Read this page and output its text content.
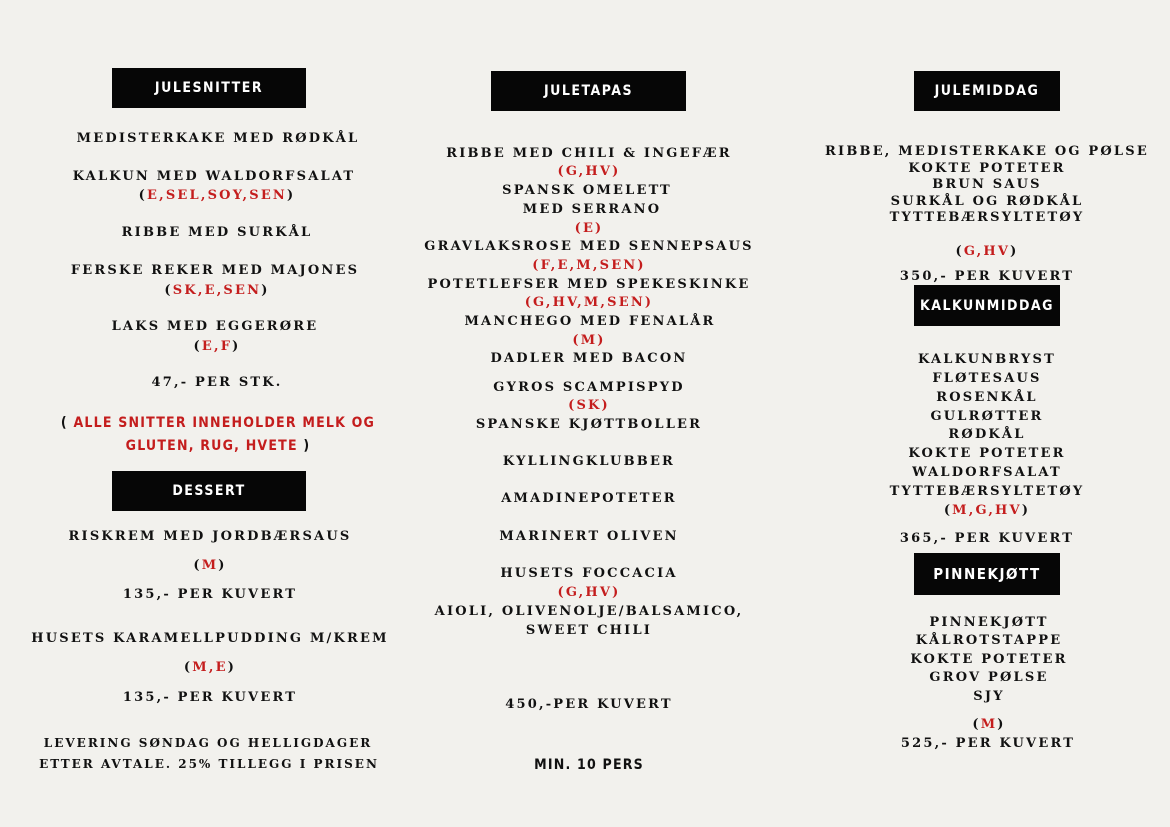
JULESNITTER
MEDISTERKAKE MED RØDKÅL
KALKUN MED WALDORFSALAT
(E,SEL,SOY,SEN)
RIBBE MED SURKÅL
FERSKE REKER MED MAJONES
(SK,E,SEN)
LAKS MED EGGERØRE
(E,F)
47,- PER STK.
( ALLE SNITTER INNEHOLDER MELK OG
GLUTEN, RUG, HVETE )
DESSERT
RISKREM MED JORDBÆRSAUS
(M)
135,- PER KUVERT
HUSETS KARAMELLPUDDING M/KREM
(M,E)
135,- PER KUVERT
LEVERING SØNDAG OG HELLIGDAGER
ETTER AVTALE. 25% TILLEGG I PRISEN
JULETAPAS
RIBBE MED CHILI & INGEFÆR
(G,HV)
SPANSK OMELETT
MED SERRANO
(E)
GRAVLAKSROSE MED SENNEPSAUS
(F,E,M,SEN)
POTETLEFSER MED SPEKESKINKE
(G,HV,M,SEN)
MANCHEGO MED FENALÅR
(M)
DADLER MED BACON
GYROS SCAMPISPYD
(SK)
SPANSKE KJØTTBOLLER
KYLLINGKLUBBER
AMADINEPOTETER
MARINERT OLIVEN
HUSETS FOCCACIA
(G,HV)
AIOLI, OLIVENOLJE/BALSAMICO,
SWEET CHILI
450,-PER KUVERT
MIN. 10 PERS
JULEMIDDAG
RIBBE, MEDISTERKAKE OG PØLSE
KOKTE POTETER
BRUN SAUS
SURKÅL OG RØDKÅL
TYTTEBÆRSYLTETØY
(G,HV)
350,- PER KUVERT
KALKUNMIDDAG
KALKUNBRYST
FLØTESAUS
ROSENKÅL
GULRØTTER
RØDKÅL
KOKTE POTETER
WALDORFSALAT
TYTTEBÆRSYLTETØY
(M,G,HV)
365,- PER KUVERT
PINNEKJØTT
PINNEKJØTT
KÅLROTSTAPPE
KOKTE POTETER
GROV PØLSE
SJY
(M)
525,- PER KUVERT
